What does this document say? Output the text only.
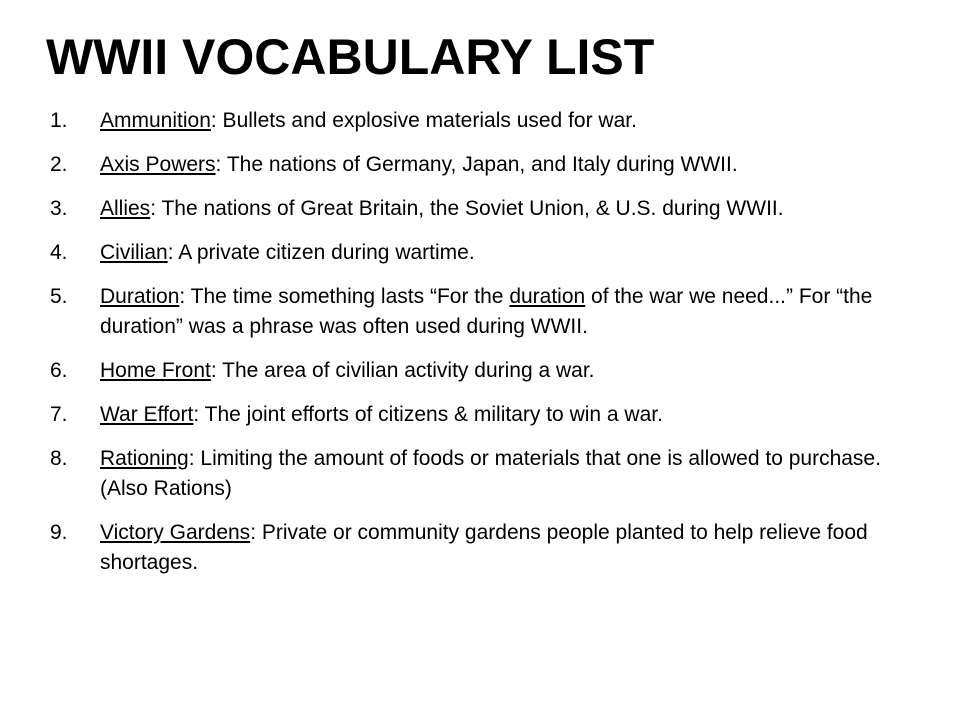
WWII VOCABULARY LIST
1.	Ammunition: Bullets and explosive materials used for war.
2.	Axis Powers: The nations of Germany, Japan, and Italy during WWII.
3.	Allies: The nations of Great Britain, the Soviet Union, & U.S. during WWII.
4.	Civilian: A private citizen during wartime.
5.	Duration: The time something lasts “For the duration of the war we need...” For “the duration” was a phrase was often used during WWII.
6.	Home Front: The area of civilian activity during a war.
7.	War Effort: The joint efforts of citizens & military to win a war.
8.	Rationing: Limiting the amount of foods or materials that one is allowed to purchase. (Also Rations)
9.	Victory Gardens: Private or community gardens people planted to help relieve food shortages.
